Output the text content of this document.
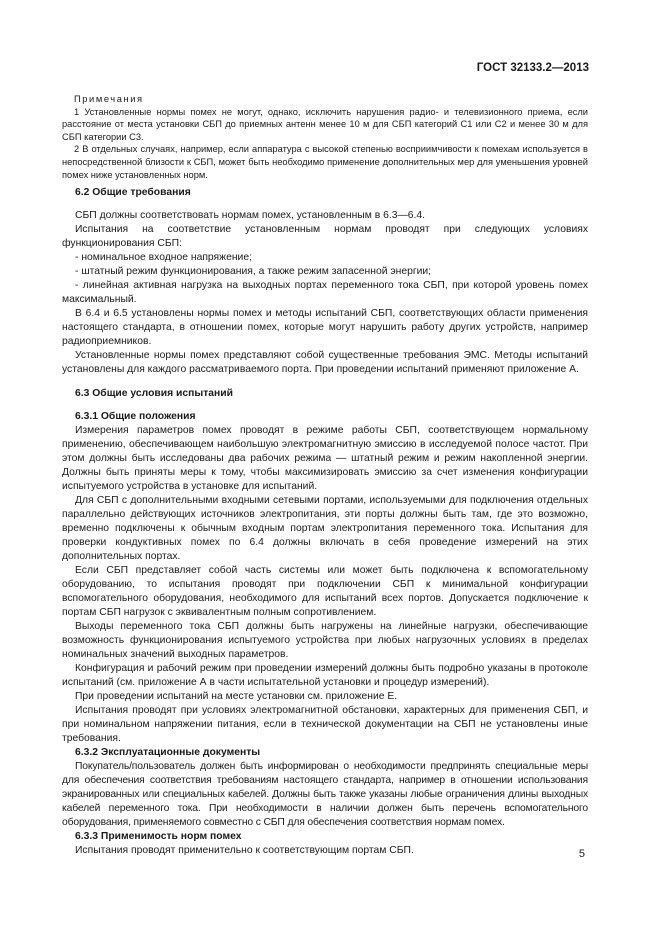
ГОСТ 32133.2—2013
Примечания
1 Установленные нормы помех не могут, однако, исключить нарушения радио- и телевизионного приема, если расстояние от места установки СБП до приемных антенн менее 10 м для СБП категорий С1 или С2 и менее 30 м для СБП категории С3.
2 В отдельных случаях, например, если аппаратура с высокой степенью восприимчивости к помехам используется в непосредственной близости к СБП, может быть необходимо применение дополнительных мер для уменьшения уровней помех ниже установленных норм.
6.2 Общие требования
СБП должны соответствовать нормам помех, установленным в 6.3—6.4.
Испытания на соответствие установленным нормам проводят при следующих условиях функционирования СБП:
- номинальное входное напряжение;
- штатный режим функционирования, а также режим запасенной энергии;
- линейная активная нагрузка на выходных портах переменного тока СБП, при которой уровень помех максимальный.
В 6.4 и 6.5 установлены нормы помех и методы испытаний СБП, соответствующих области применения настоящего стандарта, в отношении помех, которые могут нарушить работу других устройств, например радиоприемников.
Установленные нормы помех представляют собой существенные требования ЭМС. Методы испытаний установлены для каждого рассматриваемого порта. При проведении испытаний применяют приложение А.
6.3 Общие условия испытаний
6.3.1 Общие положения
Измерения параметров помех проводят в режиме работы СБП, соответствующем нормальному применению, обеспечивающем наибольшую электромагнитную эмиссию в исследуемой полосе частот. При этом должны быть исследованы два рабочих режима — штатный режим и режим накопленной энергии. Должны быть приняты меры к тому, чтобы максимизировать эмиссию за счет изменения конфигурации испытуемого устройства в установке для испытаний.
Для СБП с дополнительными входными сетевыми портами, используемыми для подключения отдельных параллельно действующих источников электропитания, эти порты должны быть там, где это возможно, временно подключены к обычным входным портам электропитания переменного тока. Испытания для проверки кондуктивных помех по 6.4 должны включать в себя проведение измерений на этих дополнительных портах.
Если СБП представляет собой часть системы или может быть подключена к вспомогательному оборудованию, то испытания проводят при подключении СБП к минимальной конфигурации вспомогательного оборудования, необходимого для испытаний всех портов. Допускается подключение к портам СБП нагрузок с эквивалентным полным сопротивлением.
Выходы переменного тока СБП должны быть нагружены на линейные нагрузки, обеспечивающие возможность функционирования испытуемого устройства при любых нагрузочных условиях в пределах номинальных значений выходных параметров.
Конфигурация и рабочий режим при проведении измерений должны быть подробно указаны в протоколе испытаний (см. приложение А в части испытательной установки и процедур измерений).
При проведении испытаний на месте установки см. приложение Е.
Испытания проводят при условиях электромагнитной обстановки, характерных для применения СБП, и при номинальном напряжении питания, если в технической документации на СБП не установлены иные требования.
6.3.2 Эксплуатационные документы
Покупатель/пользователь должен быть информирован о необходимости предпринять специальные меры для обеспечения соответствия требованиям настоящего стандарта, например в отношении использования экранированных или специальных кабелей. Должны быть также указаны любые ограничения длины выходных кабелей переменного тока. При необходимости в наличии должен быть перечень вспомогательного оборудования, применяемого совместно с СБП для обеспечения соответствия нормам помех.
6.3.3 Применимость норм помех
Испытания проводят применительно к соответствующим портам СБП.	5
